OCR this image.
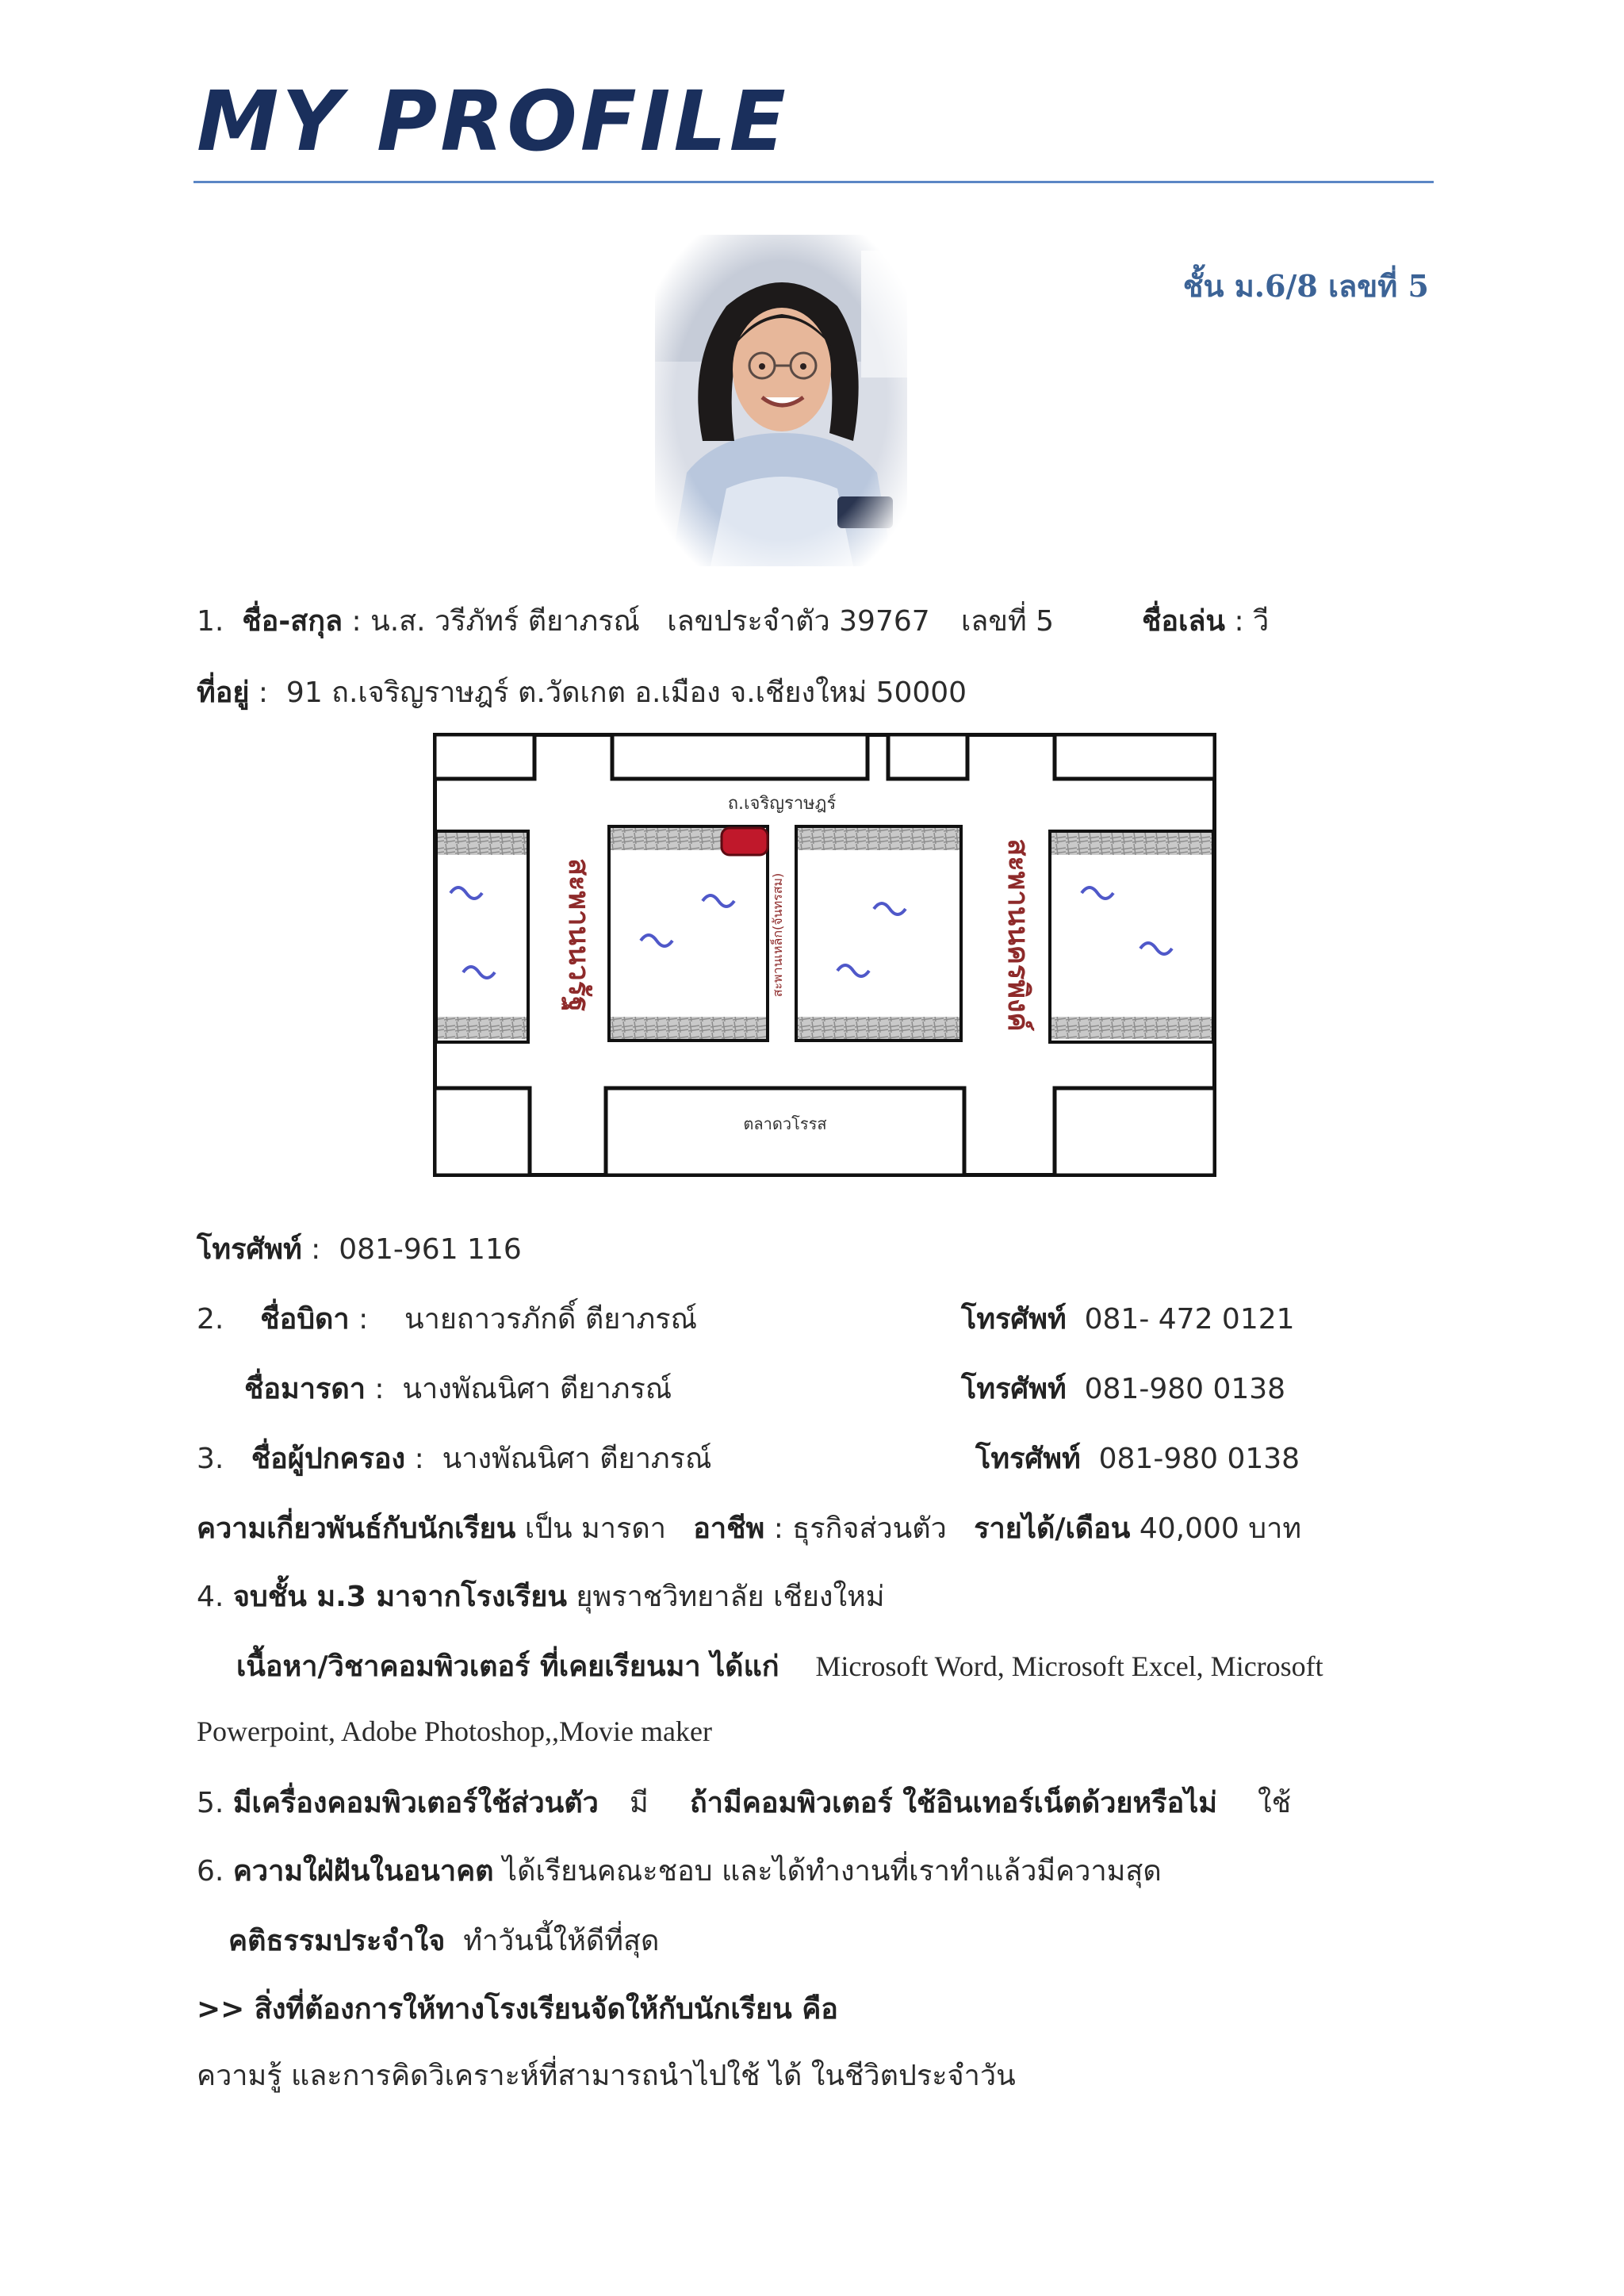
MY PROFILE
ชั้น ม.6/8 เลขที่ 5
1. ชื่อ-สกุล : น.ส. วรีภัทร์ ตียาภรณ์ เลขประจำตัว 39767 เลขที่ 5	ชื่อเล่น : วี
ที่อยู่ :  91 ถ.เจริญราษฎร์ ต.วัดเกต อ.เมือง จ.เชียงใหม่ 50000
ถ.เจริญราษฎร์
สะพานนวรัฐ	สะพานเหล็ก(จันทรสม)	สะพานนครพิงค์
ตลาดวโรรส
โทรศัพท์ :  081-961 116
2. ชื่อบิดา :    นายถาวรภักดิ์ ตียาภรณ์	โทรศัพท์ 081- 472 0121
ชื่อมารดา :  นางพัณนิศา ตียาภรณ์	โทรศัพท์ 081-980 0138
3. ชื่อผู้ปกครอง :  นางพัณนิศา ตียาภรณ์	โทรศัพท์ 081-980 0138
ความเกี่ยวพันธ์กับนักเรียน เป็น มารดา อาชีพ : ธุรกิจส่วนตัว รายได้/เดือน 40,000 บาท
4. จบชั้น ม.3 มาจากโรงเรียน ยุพราชวิทยาลัย เชียงใหม่
เนื้อหา/วิชาคอมพิวเตอร์ ที่เคยเรียนมา ได้แก่ Microsoft Word, Microsoft Excel, Microsoft
Powerpoint, Adobe Photoshop,,Movie maker
5. มีเครื่องคอมพิวเตอร์ใช้ส่วนตัว มี ถ้ามีคอมพิวเตอร์ ใช้อินเทอร์เน็ตด้วยหรือไม่ ใช้
6. ความใฝ่ฝันในอนาคต ได้เรียนคณะชอบ และได้ทำงานที่เราทำแล้วมีความสุด
คติธรรมประจำใจ ทำวันนี้ให้ดีที่สุด
>> สิ่งที่ต้องการให้ทางโรงเรียนจัดให้กับนักเรียน คือ
ความรู้ และการคิดวิเคราะห์ที่สามารถนำไปใช้ ได้ ในชีวิตประจำวัน
